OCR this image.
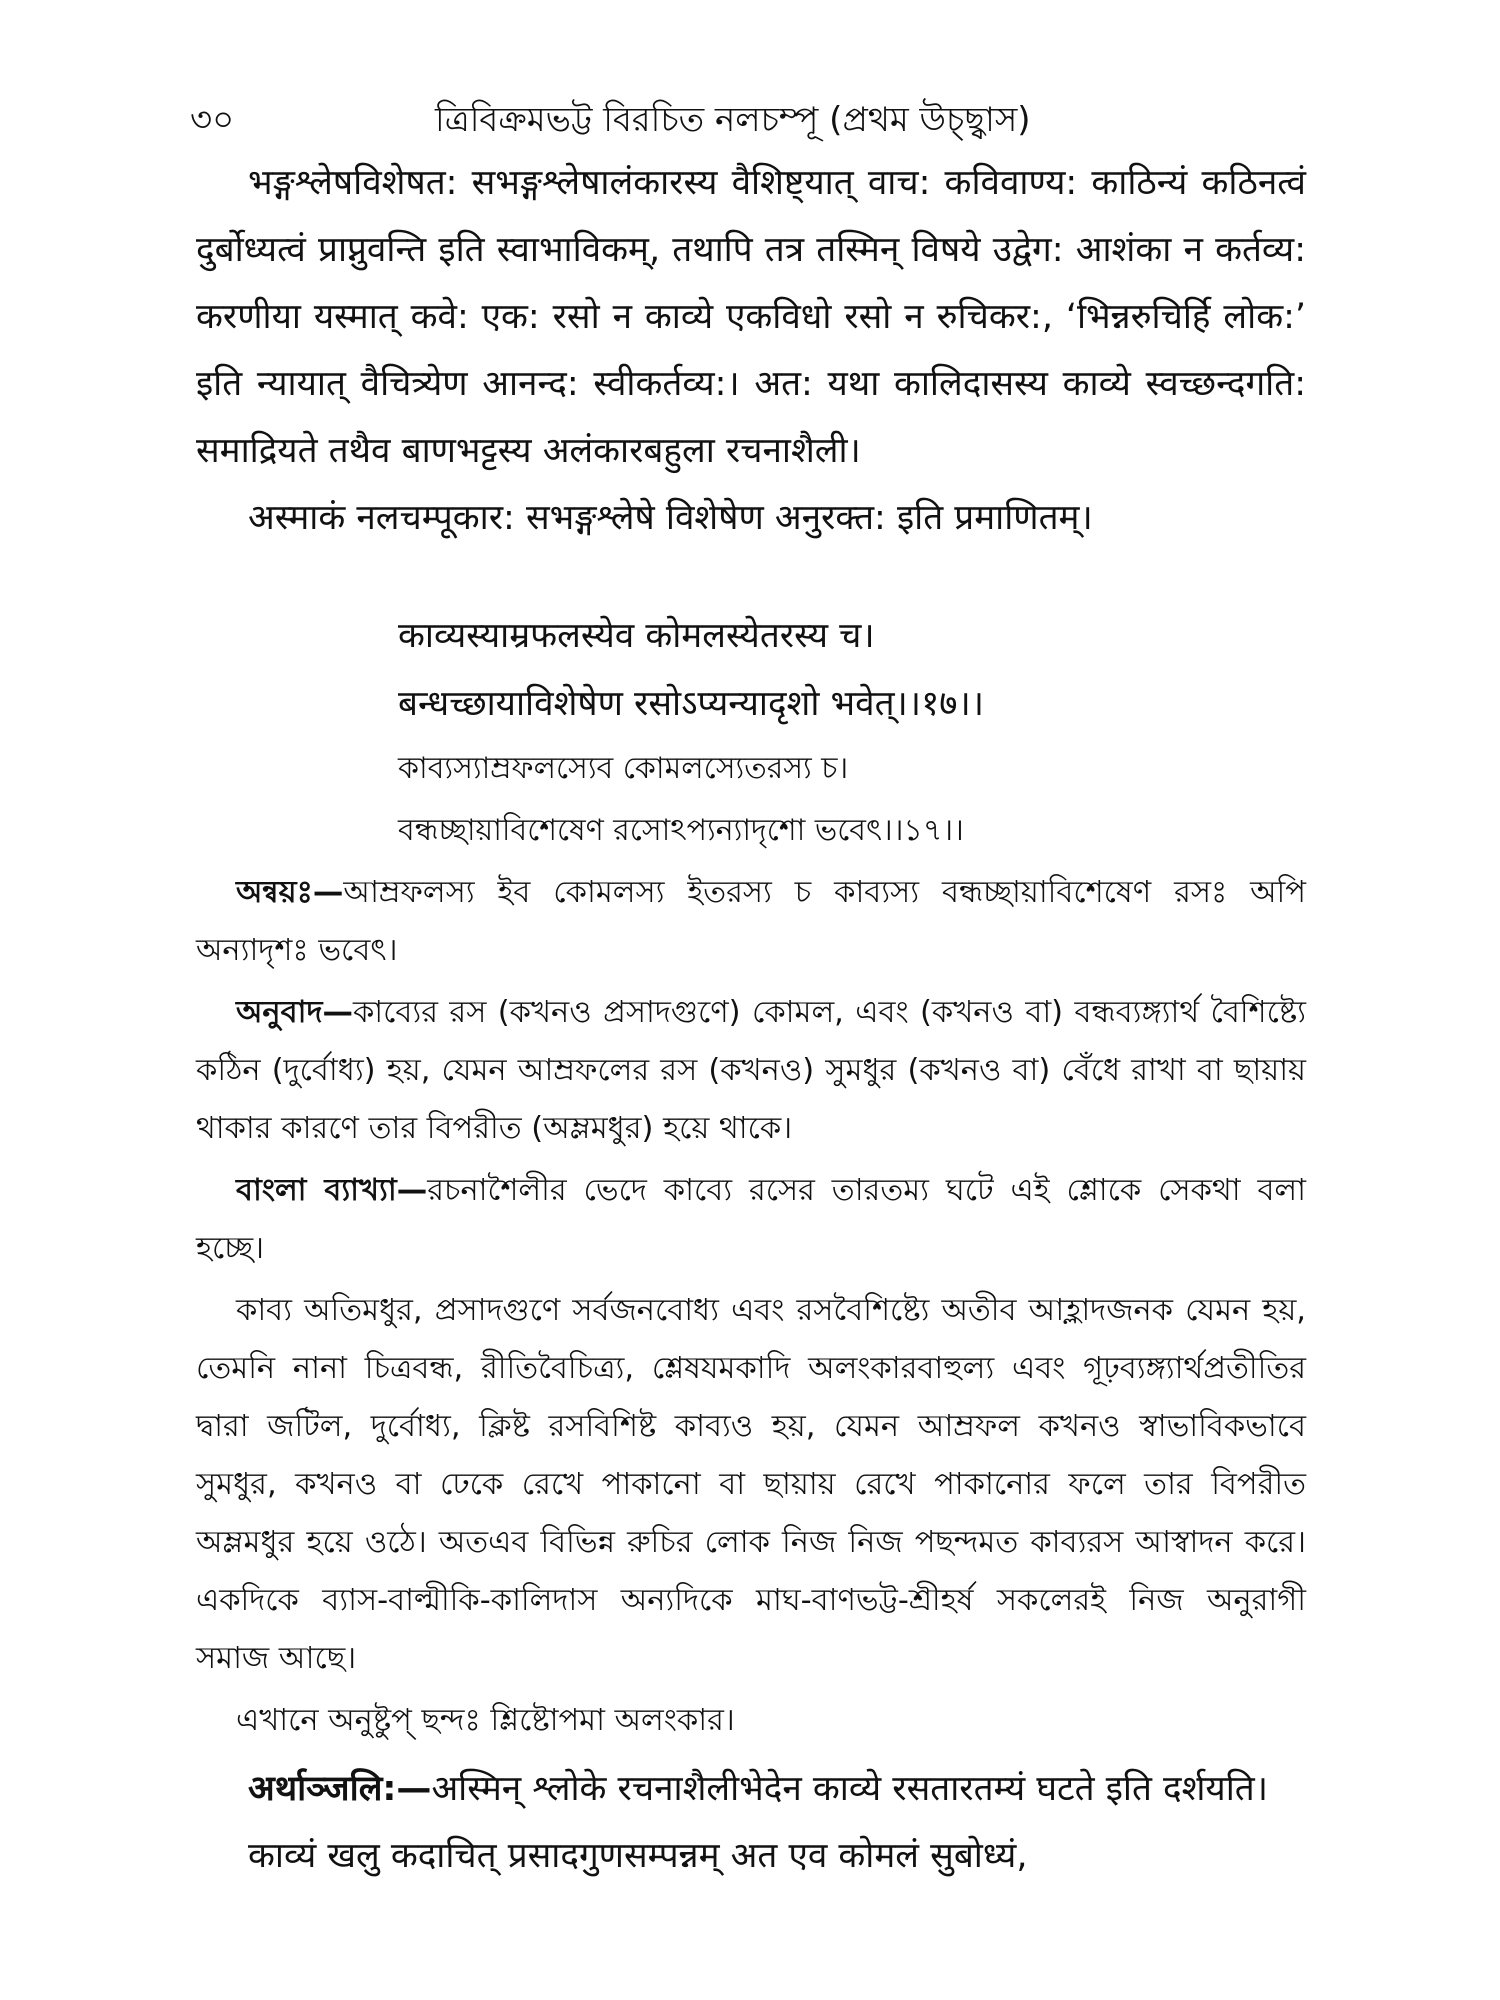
৩০	ত্রিবিক্রমভট্ট বিরচিত নলচম্পূ (প্রথম উচ্ছ্বাস)

भङ्गश्लेषविशेषत: सभङ्गश्लेषालंकारस्य वैशिष्ट्यात् वाच: कविवाण्य: काठिन्यं कठिनत्वं दुर्बोध्यत्वं प्राप्नुवन्ति इति स्वाभाविकम्, तथापि तत्र तस्मिन् विषये उद्वेग: आशंका न कर्तव्य: करणीया यस्मात् कवे: एक: रसो न काव्ये एकविधो रसो न रुचिकर:, ‘भिन्नरुचिर्हि लोक:’ इति न्यायात् वैचित्र्येण आनन्द: स्वीकर्तव्य:। अत: यथा कालिदासस्य काव्ये स्वच्छन्दगति: समाद्रियते तथैव बाणभट्टस्य अलंकारबहुला रचनाशैली।

अस्माकं नलचम्पूकार: सभङ्गश्लेषे विशेषेण अनुरक्त: इति प्रमाणितम्।

काव्यस्याम्रफलस्येव कोमलस्येतरस्य च।
बन्धच्छायाविशेषेण रसोऽप्यन्यादृशो भवेत्।।१७।।
কাব্যস্যাম্রফলস্যেব কোমলস্যেতরস্য চ।
বন্ধচ্ছায়াবিশেষেণ রসোঽপ্যন্যাদৃশো ভবেৎ।।১৭।।

অন্বয়ঃ—আম্রফলস্য ইব কোমলস্য ইতরস্য চ কাব্যস্য বন্ধচ্ছায়াবিশেষেণ রসঃ অপি অন্যাদৃশঃ ভবেৎ।

অনুবাদ—কাব্যের রস (কখনও প্রসাদগুণে) কোমল, এবং (কখনও বা) বন্ধব্যঙ্গ্যার্থ বৈশিষ্ট্যে কঠিন (দুর্বোধ্য) হয়, যেমন আম্রফলের রস (কখনও) সুমধুর (কখনও বা) বেঁধে রাখা বা ছায়ায় থাকার কারণে তার বিপরীত (অম্লমধুর) হয়ে থাকে।

বাংলা ব্যাখ্যা—রচনাশৈলীর ভেদে কাব্যে রসের তারতম্য ঘটে এই শ্লোকে সেকথা বলা হচ্ছে।

কাব্য অতিমধুর, প্রসাদগুণে সর্বজনবোধ্য এবং রসবৈশিষ্ট্যে অতীব আহ্লাদজনক যেমন হয়, তেমনি নানা চিত্রবন্ধ, রীতিবৈচিত্র্য, শ্লেষযমকাদি অলংকারবাহুল্য এবং গূঢ়ব্যঙ্গ্যার্থপ্রতীতির দ্বারা জটিল, দুর্বোধ্য, ক্লিষ্ট রসবিশিষ্ট কাব্যও হয়, যেমন আম্রফল কখনও স্বাভাবিকভাবে সুমধুর, কখনও বা ঢেকে রেখে পাকানো বা ছায়ায় রেখে পাকানোর ফলে তার বিপরীত অম্লমধুর হয়ে ওঠে। অতএব বিভিন্ন রুচির লোক নিজ নিজ পছন্দমত কাব্যরস আস্বাদন করে। একদিকে ব্যাস-বাল্মীকি-কালিদাস অন্যদিকে মাঘ-বাণভট্ট-শ্রীহর্ষ সকলেরই নিজ অনুরাগী সমাজ আছে।

এখানে অনুষ্টুপ্ ছন্দঃ শ্লিষ্টোপমা অলংকার।

अर्थाञ्जलि:—अस्मिन् श्लोके रचनाशैलीभेदेन काव्ये रसतारतम्यं घटते इति दर्शयति।

काव्यं खलु कदाचित् प्रसादगुणसम्पन्नम् अत एव कोमलं सुबोध्यं,
